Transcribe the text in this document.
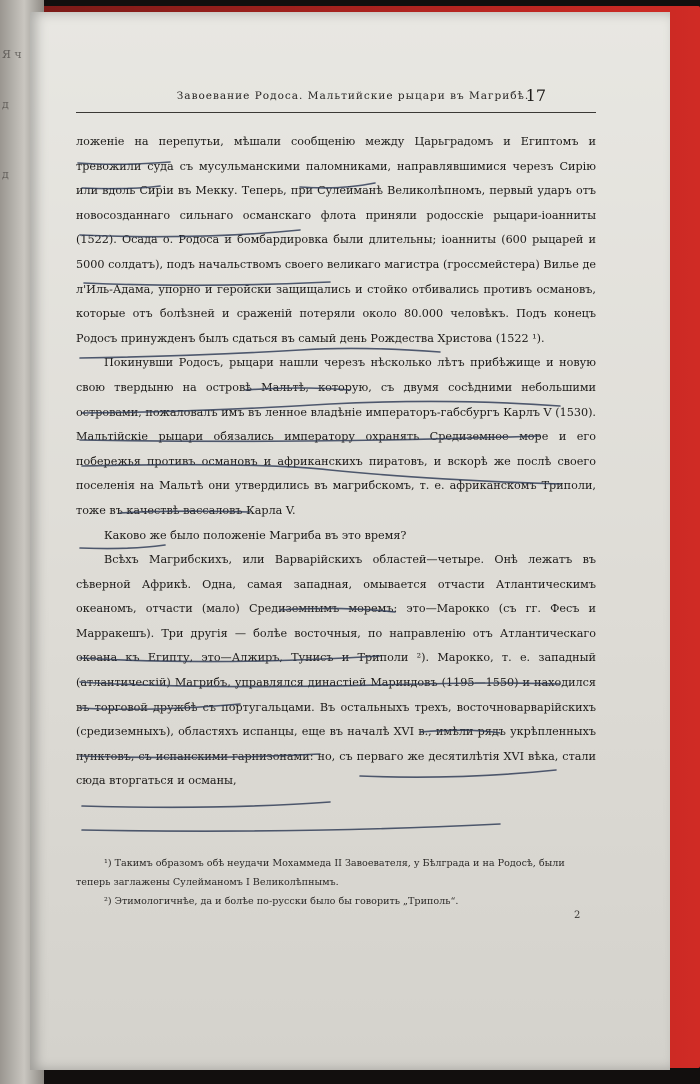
Я ч
д
д
Завоевание Родоса. Мальтийские рыцари въ Магрибѣ.
17

ложеніе на перепутьи, мѣшали сообщенію между Царьградомъ и Египтомъ и тревожили суда съ мусульманскими паломниками, направлявшимися черезъ Сирію или вдоль Сиріи въ Мекку. Теперь, при Сулейманѣ Великолѣпномъ, первый ударъ отъ новосозданнаго сильнаго османскаго флота приняли родосскіе рыцари-іоанниты (1522). Осада о. Родоса и бомбардировка были длительны; іоанниты (600 рыцарей и 5000 солдатъ), подъ начальствомъ своего великаго магистра (гроссмейстера) Вилье де л'Иль-Адама, упорно и геройски защищались и стойко отбивались противъ османовъ, которые отъ болѣзней и сраженій потеряли около 80.000 человѣкъ. Подъ конецъ Родосъ принужденъ былъ сдаться въ самый день Рождества Христова (1522 ¹).

Покинувши Родосъ, рыцари нашли черезъ нѣсколько лѣтъ прибѣжище и новую свою твердыню на островѣ Мальтѣ, которую, съ двумя сосѣдними небольшими островами, пожаловалъ имъ въ ленное владѣніе императоръ-габсбургъ Карлъ V (1530). Мальтійскіе рыцари обязались императору охранять Средиземное море и его побережья противъ османовъ и африканскихъ пиратовъ, и вскорѣ же послѣ своего поселенія на Мальтѣ они утвердились въ магрибскомъ, т. е. африканскомъ Триполи, тоже въ качествѣ вассаловъ Карла V.

Каково же было положеніе Магриба въ это время?

Всѣхъ Магрибскихъ, или Варварійскихъ областей—четыре. Онѣ лежатъ въ сѣверной Африкѣ. Одна, самая западная, омывается отчасти Атлантическимъ океаномъ, отчасти (мало) Средиземнымъ моремъ: это—Марокко (съ гг. Фесъ и Марракешъ). Три другія — болѣе восточныя, по направленію отъ Атлантическаго океана къ Египту, это—Алжиръ, Тунисъ и Триполи ²). Марокко, т. е. западный (атлантическій) Магрибъ, управлялся династіей Мариндовъ (1195—1550) и находился въ торговой дружбѣ съ португальцами. Въ остальныхъ трехъ, восточноварварійскихъ (средиземныхъ), областяхъ испанцы, еще въ началѣ XVI в., имѣли рядъ укрѣпленныхъ пунктовъ, съ испанскими гарнизонами: но, съ перваго же десятилѣтія XVI вѣка, стали сюда вторгаться и османы,

¹) Такимъ образомъ обѣ неудачи Мохаммеда II Завоевателя, у Бѣлграда и на Родосѣ, были теперь заглажены Сулейманомъ I Великолѣпнымъ.

²) Этимологичнѣе, да и болѣе по-русски было бы говорить „Триполь“.

2
